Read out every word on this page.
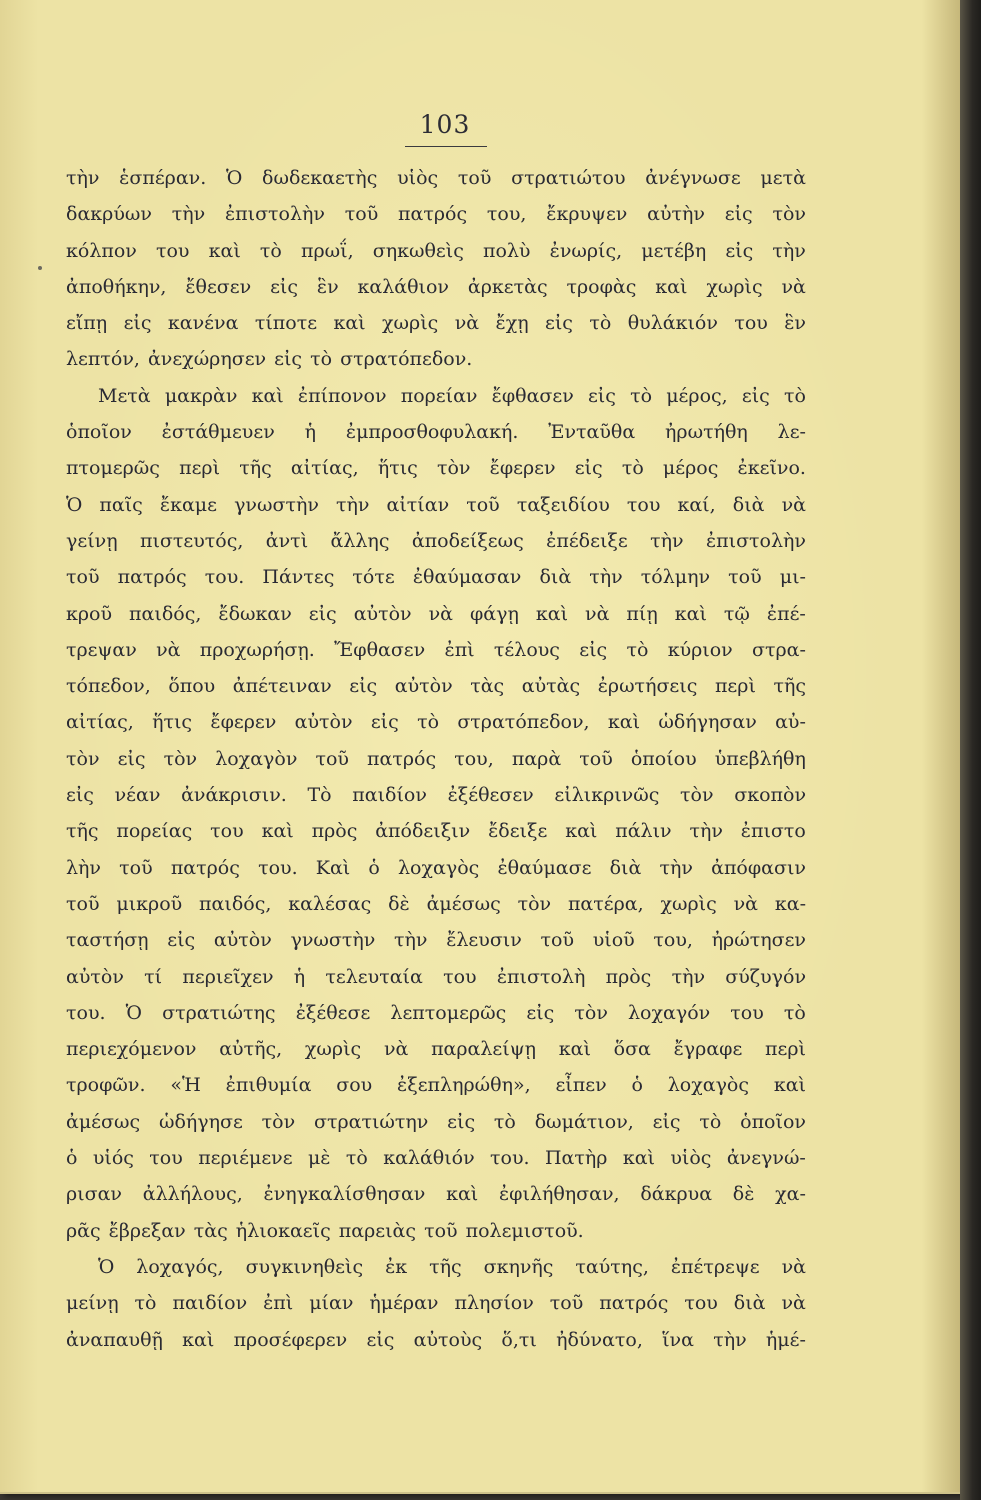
103
τὴν ἑσπέραν. Ὁ δωδεκαετὴς υἱὸς τοῦ στρατιώτου ἀνέγνωσε μετὰ
δακρύων τὴν ἐπιστολὴν τοῦ πατρός του, ἔκρυψεν αὐτὴν εἰς τὸν
κόλπον του καὶ τὸ πρωΐ, σηκωθεὶς πολὺ ἐνωρίς, μετέβη εἰς τὴν
ἀποθήκην, ἔθεσεν εἰς ἓν καλάθιον ἀρκετὰς τροφὰς καὶ χωρὶς νὰ
εἴπῃ εἰς κανένα τίποτε καὶ χωρὶς νὰ ἔχῃ εἰς τὸ θυλάκιόν του ἓν
λεπτόν, ἀνεχώρησεν εἰς τὸ στρατόπεδον.
Μετὰ μακρὰν καὶ ἐπίπονον πορείαν ἔφθασεν εἰς τὸ μέρος, εἰς τὸ
ὁποῖον ἐστάθμευεν ἡ ἐμπροσθοφυλακή. Ἐνταῦθα ἠρωτήθη λε-
πτομερῶς περὶ τῆς αἰτίας, ἥτις τὸν ἔφερεν εἰς τὸ μέρος ἐκεῖνο.
Ὁ παῖς ἔκαμε γνωστὴν τὴν αἰτίαν τοῦ ταξειδίου του καί, διὰ νὰ
γείνῃ πιστευτός, ἀντὶ ἄλλης ἀποδείξεως ἐπέδειξε τὴν ἐπιστολὴν
τοῦ πατρός του. Πάντες τότε ἐθαύμασαν διὰ τὴν τόλμην τοῦ μι-
κροῦ παιδός, ἔδωκαν εἰς αὐτὸν νὰ φάγῃ καὶ νὰ πίῃ καὶ τῷ ἐπέ-
τρεψαν νὰ προχωρήσῃ. Ἔφθασεν ἐπὶ τέλους εἰς τὸ κύριον στρα-
τόπεδον, ὅπου ἀπέτειναν εἰς αὐτὸν τὰς αὐτὰς ἐρωτήσεις περὶ τῆς
αἰτίας, ἥτις ἔφερεν αὐτὸν εἰς τὸ στρατόπεδον, καὶ ὡδήγησαν αὐ-
τὸν εἰς τὸν λοχαγὸν τοῦ πατρός του, παρὰ τοῦ ὁποίου ὑπεβλήθη
εἰς νέαν ἀνάκρισιν. Τὸ παιδίον ἐξέθεσεν εἰλικρινῶς τὸν σκοπὸν
τῆς πορείας του καὶ πρὸς ἀπόδειξιν ἔδειξε καὶ πάλιν τὴν ἐπιστο
λὴν τοῦ πατρός του. Καὶ ὁ λοχαγὸς ἐθαύμασε διὰ τὴν ἀπόφασιν
τοῦ μικροῦ παιδός, καλέσας δὲ ἀμέσως τὸν πατέρα, χωρὶς νὰ κα-
ταστήσῃ εἰς αὐτὸν γνωστὴν τὴν ἔλευσιν τοῦ υἱοῦ του, ἠρώτησεν
αὐτὸν τί περιεῖχεν ἡ τελευταία του ἐπιστολὴ πρὸς τὴν σύζυγόν
του. Ὁ στρατιώτης ἐξέθεσε λεπτομερῶς εἰς τὸν λοχαγόν του τὸ
περιεχόμενον αὐτῆς, χωρὶς νὰ παραλείψῃ καὶ ὅσα ἔγραφε περὶ
τροφῶν. «Ἡ ἐπιθυμία σου ἐξεπληρώθη», εἶπεν ὁ λοχαγὸς καὶ
ἀμέσως ὡδήγησε τὸν στρατιώτην εἰς τὸ δωμάτιον, εἰς τὸ ὁποῖον
ὁ υἱός του περιέμενε μὲ τὸ καλάθιόν του. Πατὴρ καὶ υἱὸς ἀνεγνώ-
ρισαν ἀλλήλους, ἐνηγκαλίσθησαν καὶ ἐφιλήθησαν, δάκρυα δὲ χα-
ρᾶς ἔβρεξαν τὰς ἡλιοκαεῖς παρειὰς τοῦ πολεμιστοῦ.
Ὁ λοχαγός, συγκινηθεὶς ἐκ τῆς σκηνῆς ταύτης, ἐπέτρεψε νὰ
μείνῃ τὸ παιδίον ἐπὶ μίαν ἡμέραν πλησίον τοῦ πατρός του διὰ νὰ
ἀναπαυθῇ καὶ προσέφερεν εἰς αὐτοὺς ὅ,τι ἠδύνατο, ἵνα τὴν ἡμέ-
